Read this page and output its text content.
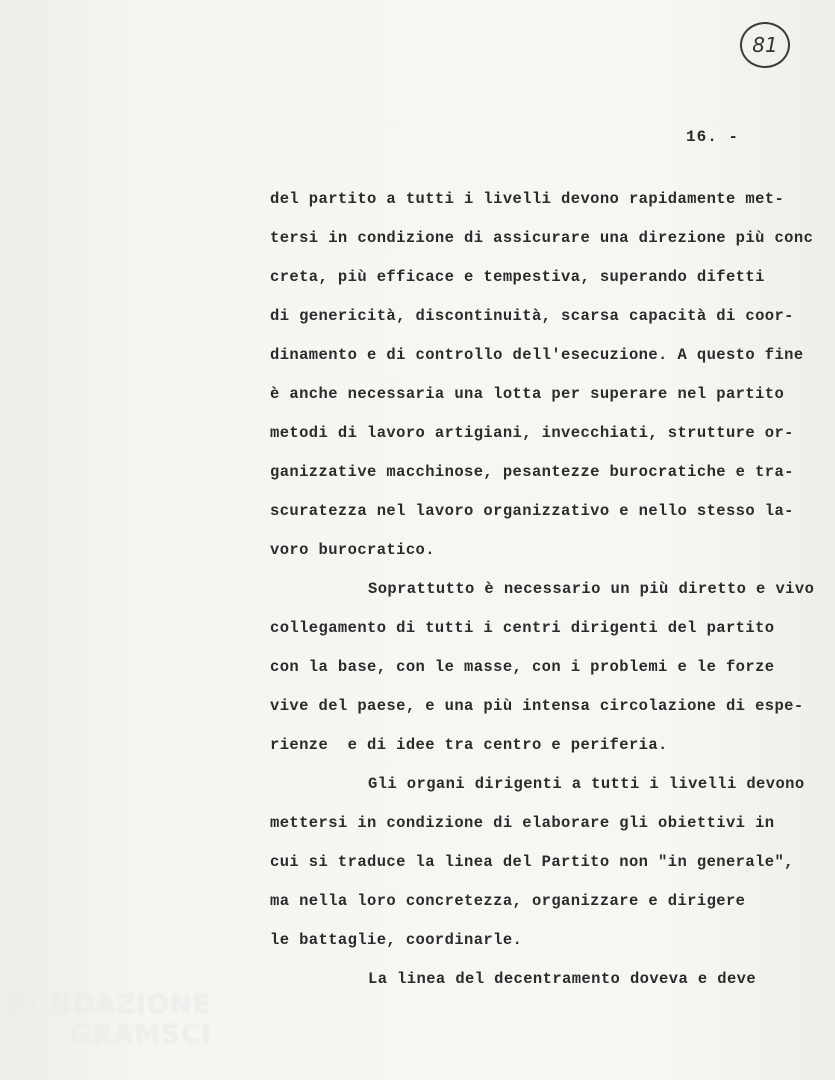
81
16. -
del partito a tutti i livelli devono rapidamente met-
tersi in condizione di assicurare una direzione più conc
creta, più efficace e tempestiva, superando difetti
di genericità, discontinuità, scarsa capacità di coor-
dinamento e di controllo dell'esecuzione. A questo fine
è anche necessaria una lotta per superare nel partito
metodi di lavoro artigiani, invecchiati, strutture or-
ganizzative macchinose, pesantezze burocratiche e tra-
scuratezza nel lavoro organizzativo e nello stesso la-
voro burocratico.
Soprattutto è necessario un più diretto e vivo
collegamento di tutti i centri dirigenti del partito
con la base, con le masse, con i problemi e le forze
vive del paese, e una più intensa circolazione di espe-
rienze  e di idee tra centro e periferia.
Gli organi dirigenti a tutti i livelli devono
mettersi in condizione di elaborare gli obiettivi in
cui si traduce la linea del Partito non "in generale",
ma nella loro concretezza, organizzare e dirigere
le battaglie, coordinarle.
La linea del decentramento doveva e deve
FONDAZIONE
GRAMSCI
